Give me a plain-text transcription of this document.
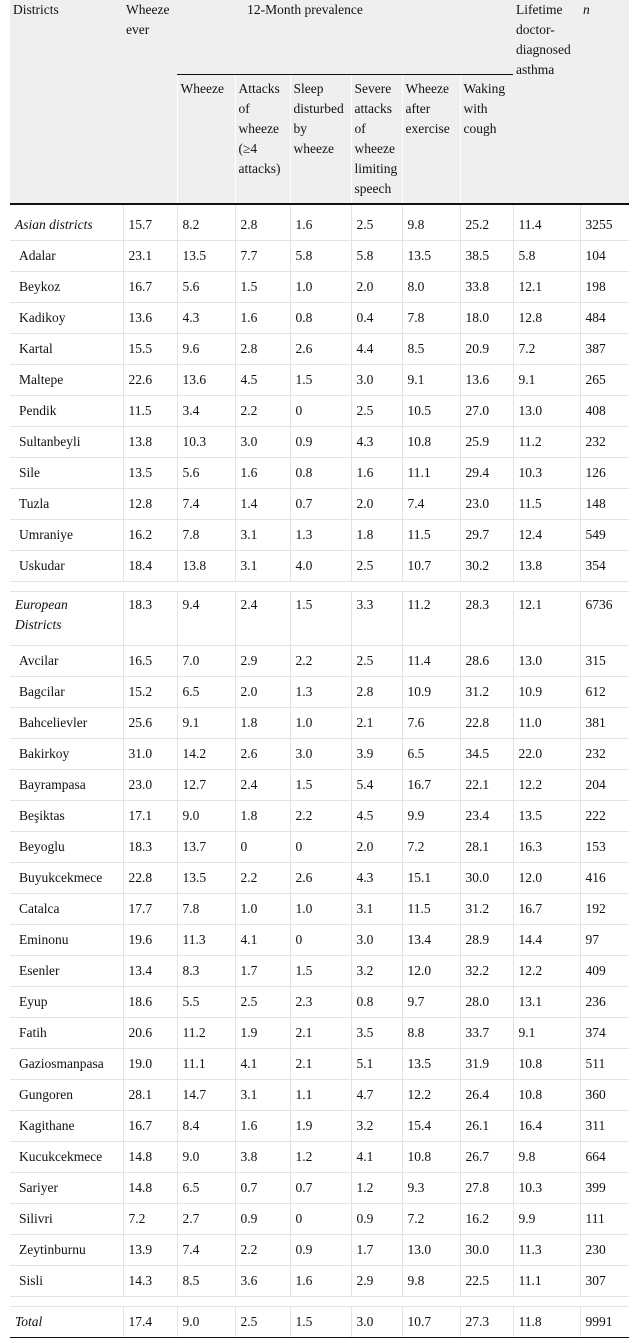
Districts	Wheeze ever	12-Month prevalence						Lifetime doctor-diagnosed asthma	n
		Wheeze	Attacks of wheeze (≥4 attacks)	Sleep disturbed by wheeze	Severe attacks of wheeze limiting speech	Wheeze after exercise	Waking with cough		
Asian districts	15.7	8.2	2.8	1.6	2.5	9.8	25.2	11.4	3255
Adalar	23.1	13.5	7.7	5.8	5.8	13.5	38.5	5.8	104
Beykoz	16.7	5.6	1.5	1.0	2.0	8.0	33.8	12.1	198
Kadikoy	13.6	4.3	1.6	0.8	0.4	7.8	18.0	12.8	484
Kartal	15.5	9.6	2.8	2.6	4.4	8.5	20.9	7.2	387
Maltepe	22.6	13.6	4.5	1.5	3.0	9.1	13.6	9.1	265
Pendik	11.5	3.4	2.2	0	2.5	10.5	27.0	13.0	408
Sultanbeyli	13.8	10.3	3.0	0.9	4.3	10.8	25.9	11.2	232
Sile	13.5	5.6	1.6	0.8	1.6	11.1	29.4	10.3	126
Tuzla	12.8	7.4	1.4	0.7	2.0	7.4	23.0	11.5	148
Umraniye	16.2	7.8	3.1	1.3	1.8	11.5	29.7	12.4	549
Uskudar	18.4	13.8	3.1	4.0	2.5	10.7	30.2	13.8	354

European Districts	18.3	9.4	2.4	1.5	3.3	11.2	28.3	12.1	6736
Avcilar	16.5	7.0	2.9	2.2	2.5	11.4	28.6	13.0	315
Bagcilar	15.2	6.5	2.0	1.3	2.8	10.9	31.2	10.9	612
Bahcelievler	25.6	9.1	1.8	1.0	2.1	7.6	22.8	11.0	381
Bakirkoy	31.0	14.2	2.6	3.0	3.9	6.5	34.5	22.0	232
Bayrampasa	23.0	12.7	2.4	1.5	5.4	16.7	22.1	12.2	204
Beşiktas	17.1	9.0	1.8	2.2	4.5	9.9	23.4	13.5	222
Beyoglu	18.3	13.7	0	0	2.0	7.2	28.1	16.3	153
Buyukcekmece	22.8	13.5	2.2	2.6	4.3	15.1	30.0	12.0	416
Catalca	17.7	7.8	1.0	1.0	3.1	11.5	31.2	16.7	192
Eminonu	19.6	11.3	4.1	0	3.0	13.4	28.9	14.4	97
Esenler	13.4	8.3	1.7	1.5	3.2	12.0	32.2	12.2	409
Eyup	18.6	5.5	2.5	2.3	0.8	9.7	28.0	13.1	236
Fatih	20.6	11.2	1.9	2.1	3.5	8.8	33.7	9.1	374
Gaziosmanpasa	19.0	11.1	4.1	2.1	5.1	13.5	31.9	10.8	511
Gungoren	28.1	14.7	3.1	1.1	4.7	12.2	26.4	10.8	360
Kagithane	16.7	8.4	1.6	1.9	3.2	15.4	26.1	16.4	311
Kucukcekmece	14.8	9.0	3.8	1.2	4.1	10.8	26.7	9.8	664
Sariyer	14.8	6.5	0.7	0.7	1.2	9.3	27.8	10.3	399
Silivri	7.2	2.7	0.9	0	0.9	7.2	16.2	9.9	111
Zeytinburnu	13.9	7.4	2.2	0.9	1.7	13.0	30.0	11.3	230
Sisli	14.3	8.5	3.6	1.6	2.9	9.8	22.5	11.1	307

Total	17.4	9.0	2.5	1.5	3.0	10.7	27.3	11.8	9991
